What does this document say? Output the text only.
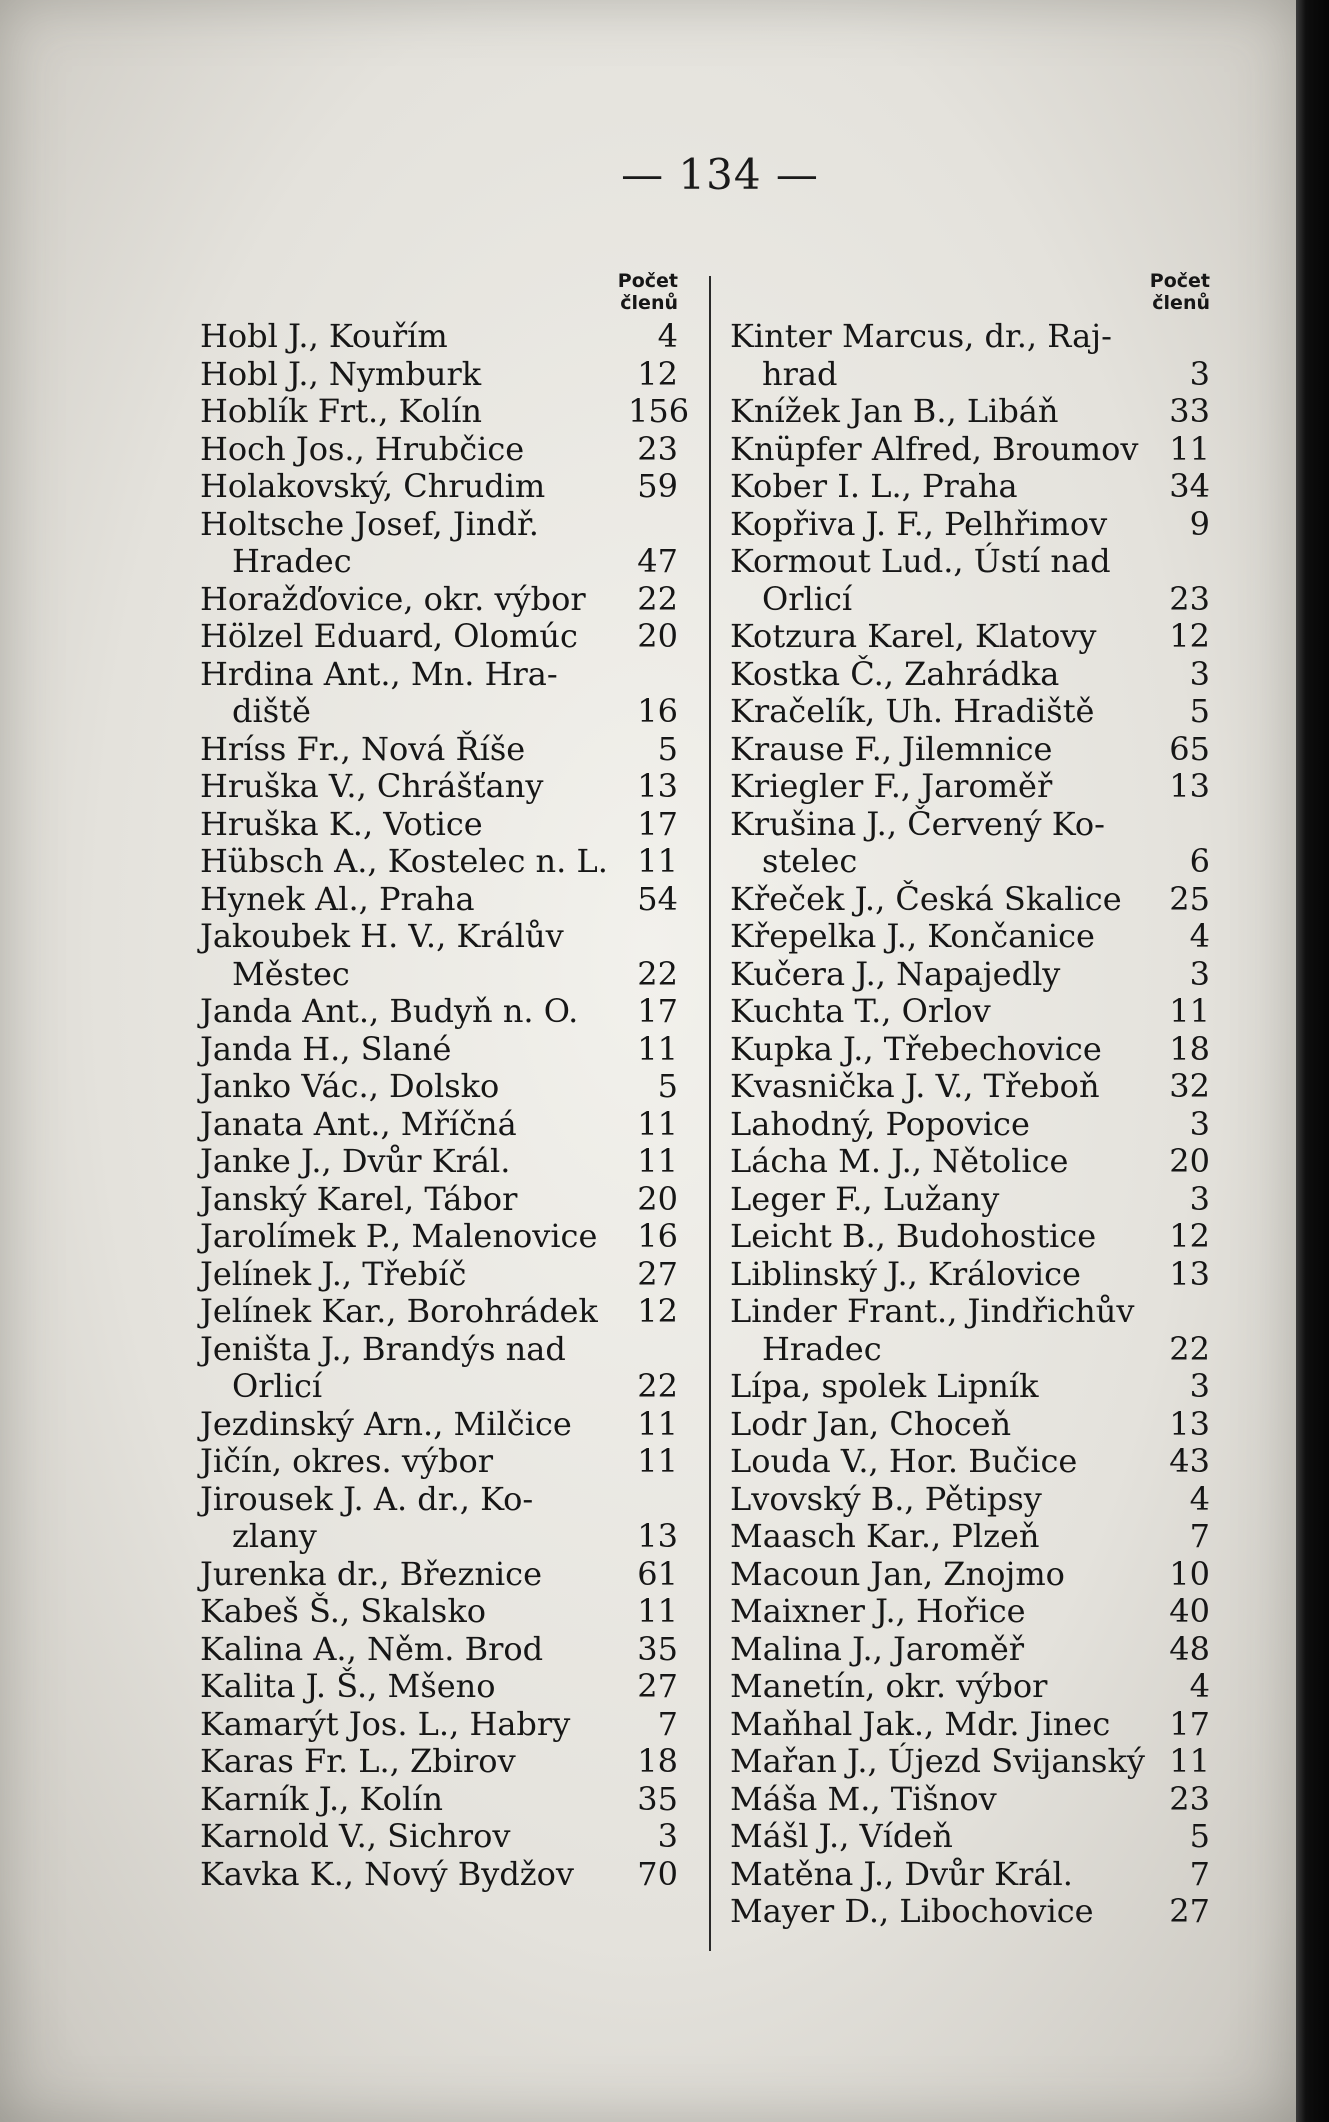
— 134 —
Počet
členů
Hobl J., Kouřím	4
Hobl J., Nymburk	12
Hoblík Frt., Kolín	156
Hoch Jos., Hrubčice	23
Holakovský, Chrudim	59
Holtsche Josef, Jindř.
Hradec	47
Horažďovice, okr. výbor	22
Hölzel Eduard, Olomúc	20
Hrdina Ant., Mn. Hra-
diště	16
Hríss Fr., Nová Říše	5
Hruška V., Chrášťany	13
Hruška K., Votice	17
Hübsch A., Kostelec n. L. 11
Hynek Al., Praha	54
Jakoubek H. V., Králův
Městec	22
Janda Ant., Budyň n. O.	17
Janda H., Slané	11
Janko Vác., Dolsko	5
Janata Ant., Mříčná	11
Janke J., Dvůr Král.	11
Janský Karel, Tábor	20
Jarolímek P., Malenovice	16
Jelínek J., Třebíč	27
Jelínek Kar., Borohrádek	12
Jeništa J., Brandýs nad
Orlicí	22
Jezdinský Arn., Milčice	11
Jičín, okres. výbor	11
Jirousek J. A. dr., Ko-
zlany	13
Jurenka dr., Březnice	61
Kabeš Š., Skalsko	11
Kalina A., Něm. Brod	35
Kalita J. Š., Mšeno	27
Kamarýt Jos. L., Habry	7
Karas Fr. L., Zbirov	18
Karník J., Kolín	35
Karnold V., Sichrov	3
Kavka K., Nový Bydžov	70
Počet
členů
Kinter Marcus, dr., Raj-
hrad	3
Knížek Jan B., Libáň	33
Knüpfer Alfred, Broumov 11
Kober I. L., Praha	34
Kopřiva J. F., Pelhřimov	9
Kormout Lud., Ústí nad
Orlicí	23
Kotzura Karel, Klatovy	12
Kostka Č., Zahrádka	3
Kračelík, Uh. Hradiště	5
Krause F., Jilemnice	65
Kriegler F., Jaroměř	13
Krušina J., Červený Ko-
stelec	6
Křeček J., Česká Skalice	25
Křepelka J., Končanice	4
Kučera J., Napajedly	3
Kuchta T., Orlov	11
Kupka J., Třebechovice	18
Kvasnička J. V., Třeboň	32
Lahodný, Popovice	3
Lácha M. J., Nětolice	20
Leger F., Lužany	3
Leicht B., Budohostice	12
Liblinský J., Královice	13
Linder Frant., Jindřichův
Hradec	22
Lípa, spolek Lipník	3
Lodr Jan, Choceň	13
Louda V., Hor. Bučice	43
Lvovský B., Pětipsy	4
Maasch Kar., Plzeň	7
Macoun Jan, Znojmo	10
Maixner J., Hořice	40
Malina J., Jaroměř	48
Manetín, okr. výbor	4
Maňhal Jak., Mdr. Jinec	17
Mařan J., Újezd Svijanský 11
Máša M., Tišnov	23
Mášl J., Vídeň	5
Matěna J., Dvůr Král.	7
Mayer D., Libochovice	27
